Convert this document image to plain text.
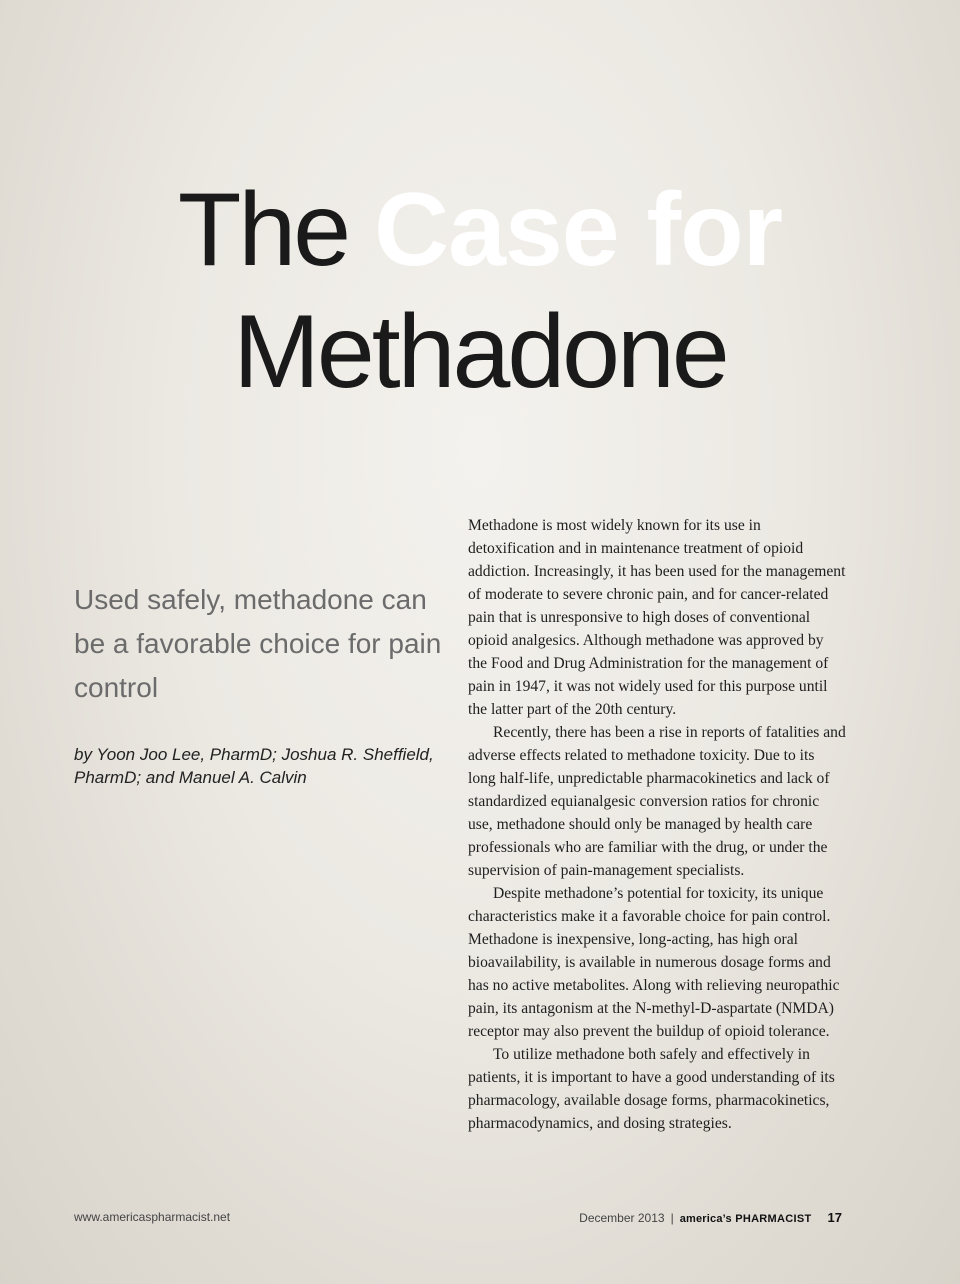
The Case for
Methadone

Used safely, methadone can be a favorable choice for pain control

by Yoon Joo Lee, PharmD; Joshua R. Sheffield, PharmD; and Manuel A. Calvin

Methadone is most widely known for its use in detoxification and in maintenance treatment of opioid addiction. Increasingly, it has been used for the management of moderate to severe chronic pain, and for cancer-related pain that is unresponsive to high doses of conventional opioid analgesics. Although methadone was approved by the Food and Drug Administration for the management of pain in 1947, it was not widely used for this purpose until the latter part of the 20th century.

Recently, there has been a rise in reports of fatalities and adverse effects related to methadone toxicity. Due to its long half-life, unpredictable pharmacokinetics and lack of standardized equianalgesic conversion ratios for chronic use, methadone should only be managed by health care professionals who are familiar with the drug, or under the supervision of pain-management specialists.

Despite methadone’s potential for toxicity, its unique characteristics make it a favorable choice for pain control. Methadone is inexpensive, long-acting, has high oral bioavailability, is available in numerous dosage forms and has no active metabolites. Along with relieving neuropathic pain, its antagonism at the N-methyl-D-aspartate (NMDA) receptor may also prevent the buildup of opioid tolerance.

To utilize methadone both safely and effectively in patients, it is important to have a good understanding of its pharmacology, available dosage forms, pharmacokinetics, pharmacodynamics, and dosing strategies.

www.americaspharmacist.net	December 2013 | america’s PHARMACIST 17
